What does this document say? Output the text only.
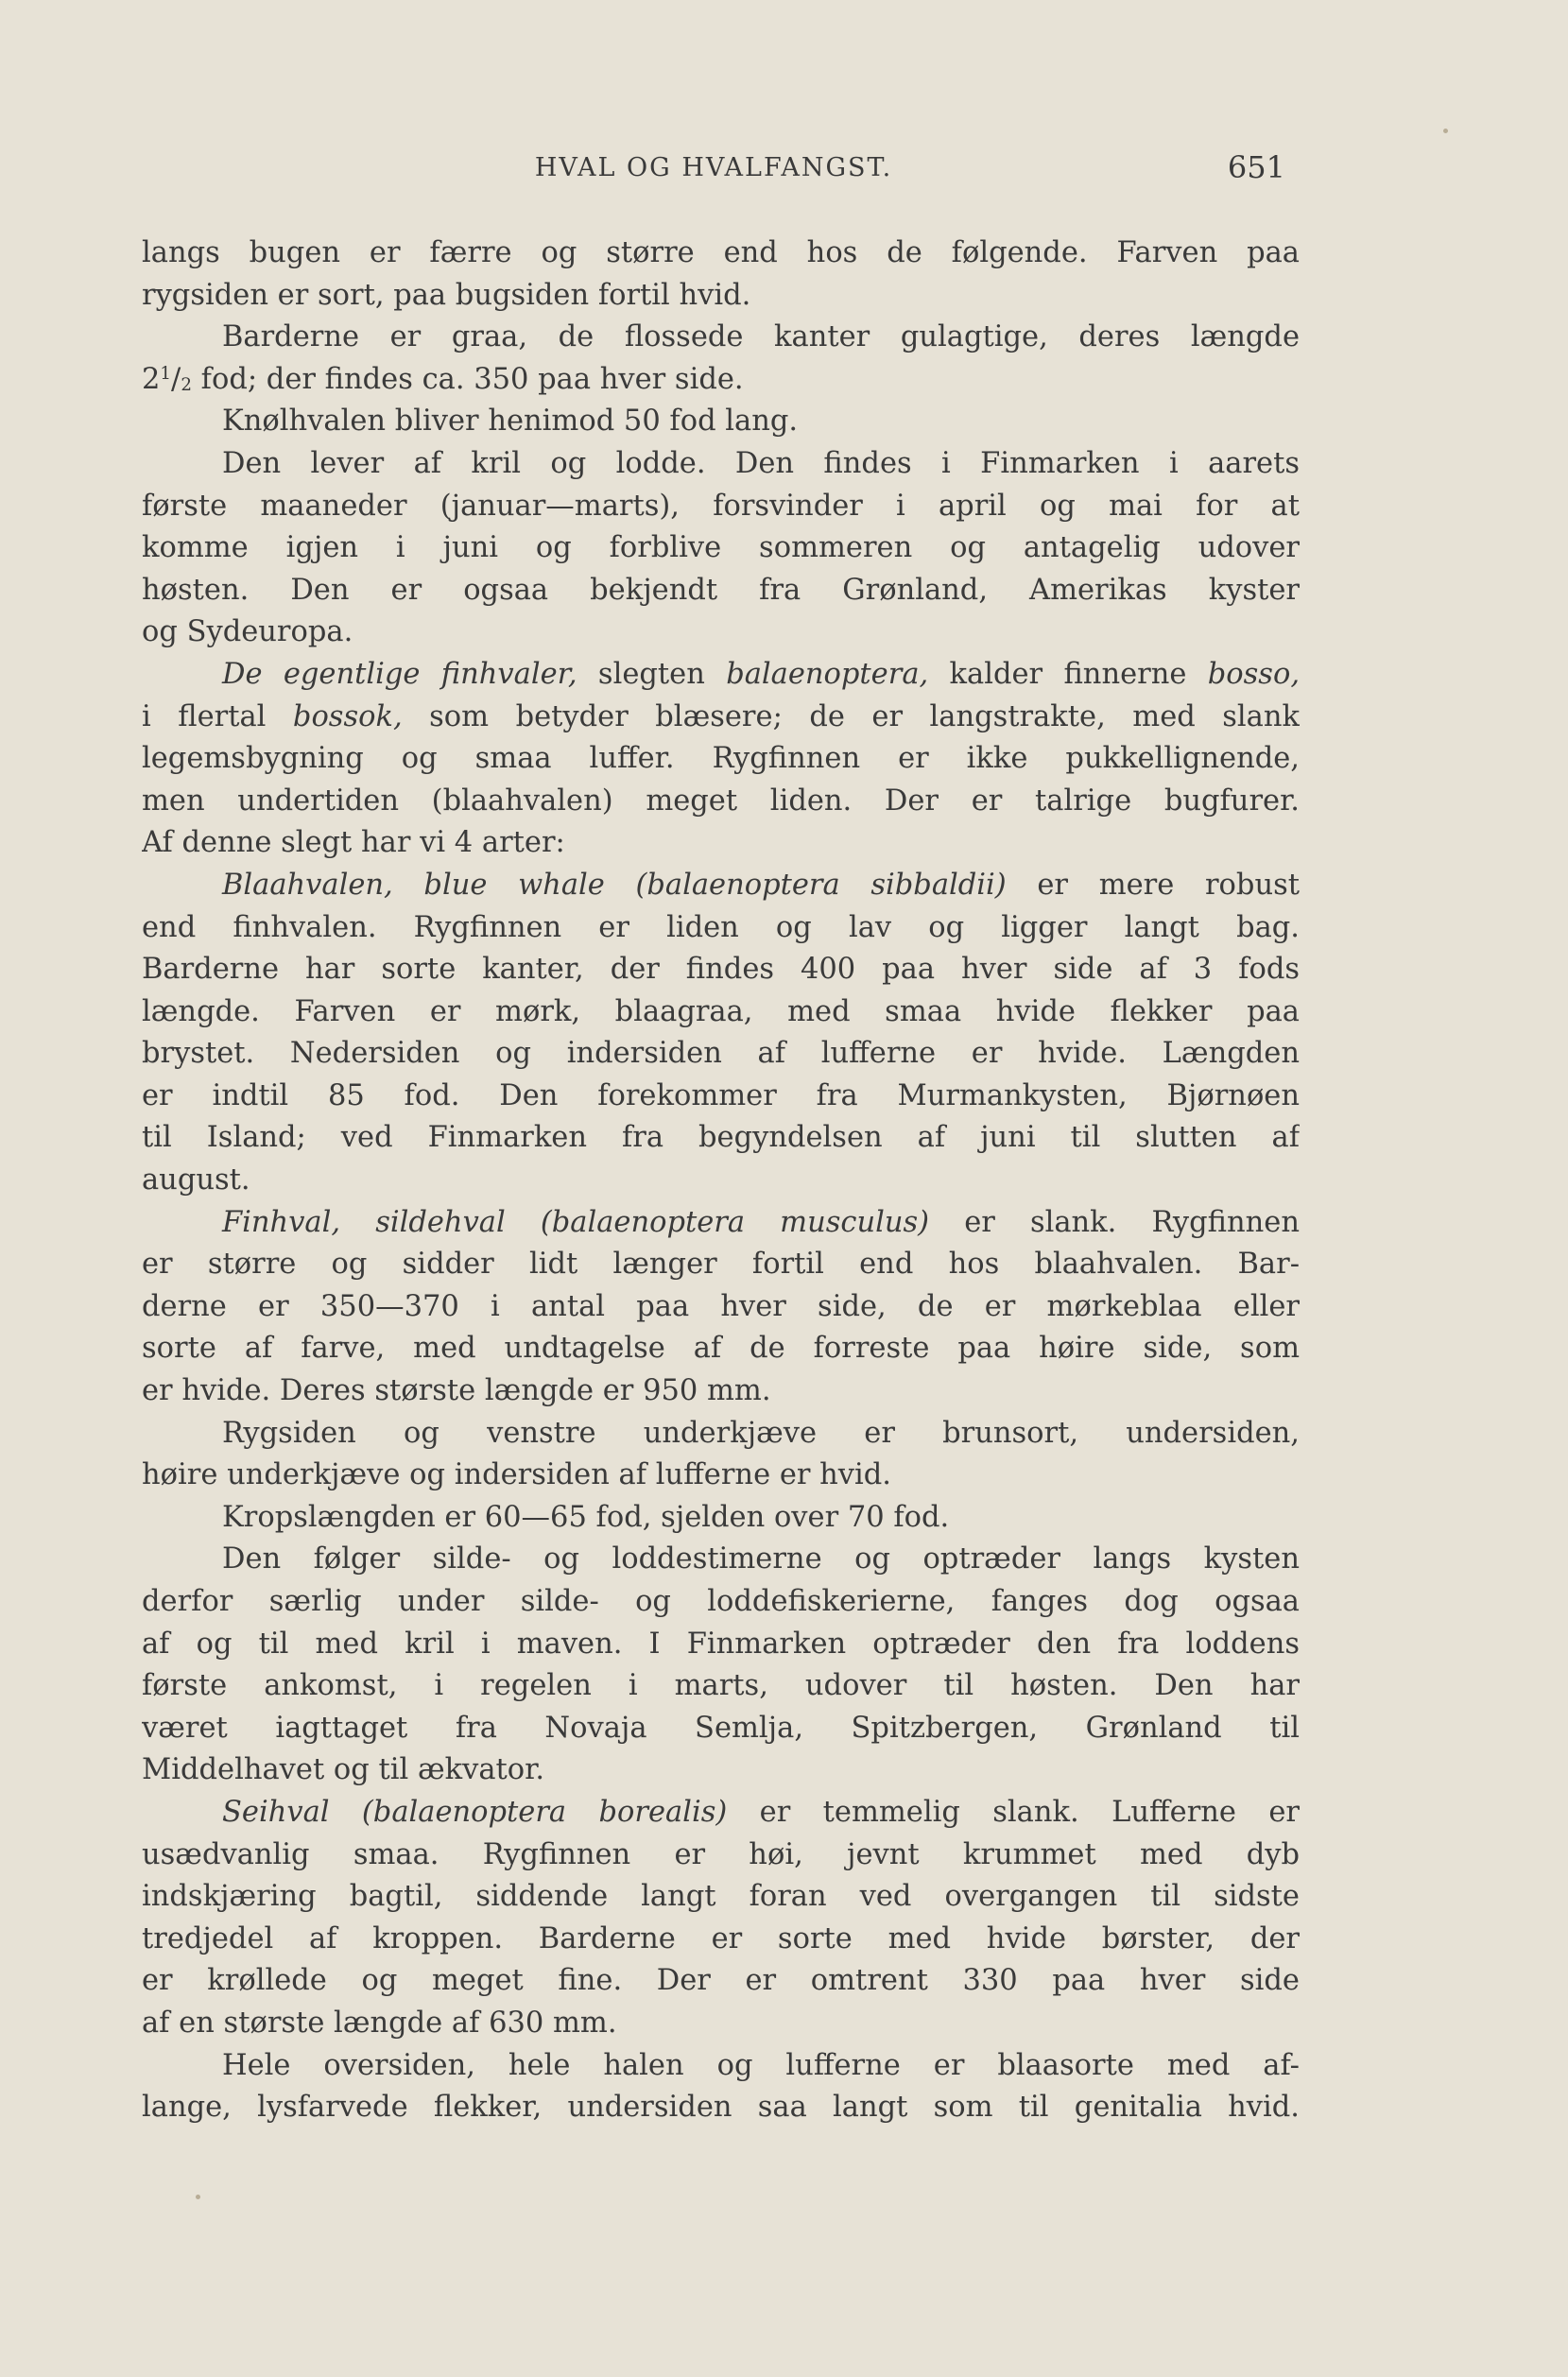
HVAL OG HVALFANGST.	651
langs bugen er færre og større end hos de følgende. Farven paa
rygsiden er sort, paa bugsiden fortil hvid.
Barderne er graa, de flossede kanter gulagtige, deres længde
$2^1/_2$ fod; der findes ca. 350 paa hver side.
Knølhvalen bliver henimod 50 fod lang.
Den lever af kril og lodde. Den findes i Finmarken i aarets
første maaneder (januar—marts), forsvinder i april og mai for at
komme igjen i juni og forblive sommeren og antagelig udover
høsten. Den er ogsaa bekjendt fra Grønland, Amerikas kyster
og Sydeuropa.
De egentlige finhvaler, slegten balaenoptera, kalder finnerne bosso,
i flertal bossok, som betyder blæsere; de er langstrakte, med slank
legemsbygning og smaa luffer. Rygfinnen er ikke pukkellignende,
men undertiden (blaahvalen) meget liden. Der er talrige bugfurer.
Af denne slegt har vi 4 arter:
Blaahvalen, blue whale (balaenoptera sibbaldii) er mere robust
end finhvalen. Rygfinnen er liden og lav og ligger langt bag.
Barderne har sorte kanter, der findes 400 paa hver side af 3 fods
længde. Farven er mørk, blaagraa, med smaa hvide flekker paa
brystet. Nedersiden og indersiden af lufferne er hvide. Længden
er indtil 85 fod. Den forekommer fra Murmankysten, Bjørnøen
til Island; ved Finmarken fra begyndelsen af juni til slutten af
august.
Finhval, sildehval (balaenoptera musculus) er slank. Rygfinnen
er større og sidder lidt længer fortil end hos blaahvalen. Bar-
derne er 350—370 i antal paa hver side, de er mørkeblaa eller
sorte af farve, med undtagelse af de forreste paa høire side, som
er hvide. Deres største længde er 950 mm.
Rygsiden og venstre underkjæve er brunsort, undersiden,
høire underkjæve og indersiden af lufferne er hvid.
Kropslængden er 60—65 fod, sjelden over 70 fod.
Den følger silde- og loddestimerne og optræder langs kysten
derfor særlig under silde- og loddefiskerierne, fanges dog ogsaa
af og til med kril i maven. I Finmarken optræder den fra loddens
første ankomst, i regelen i marts, udover til høsten. Den har
været iagttaget fra Novaja Semlja, Spitzbergen, Grønland til
Middelhavet og til ækvator.
Seihval (balaenoptera borealis) er temmelig slank. Lufferne er
usædvanlig smaa. Rygfinnen er høi, jevnt krummet med dyb
indskjæring bagtil, siddende langt foran ved overgangen til sidste
tredjedel af kroppen. Barderne er sorte med hvide børster, der
er krøllede og meget fine. Der er omtrent 330 paa hver side
af en største længde af 630 mm.
Hele oversiden, hele halen og lufferne er blaasorte med af-
lange, lysfarvede flekker, undersiden saa langt som til genitalia hvid.
